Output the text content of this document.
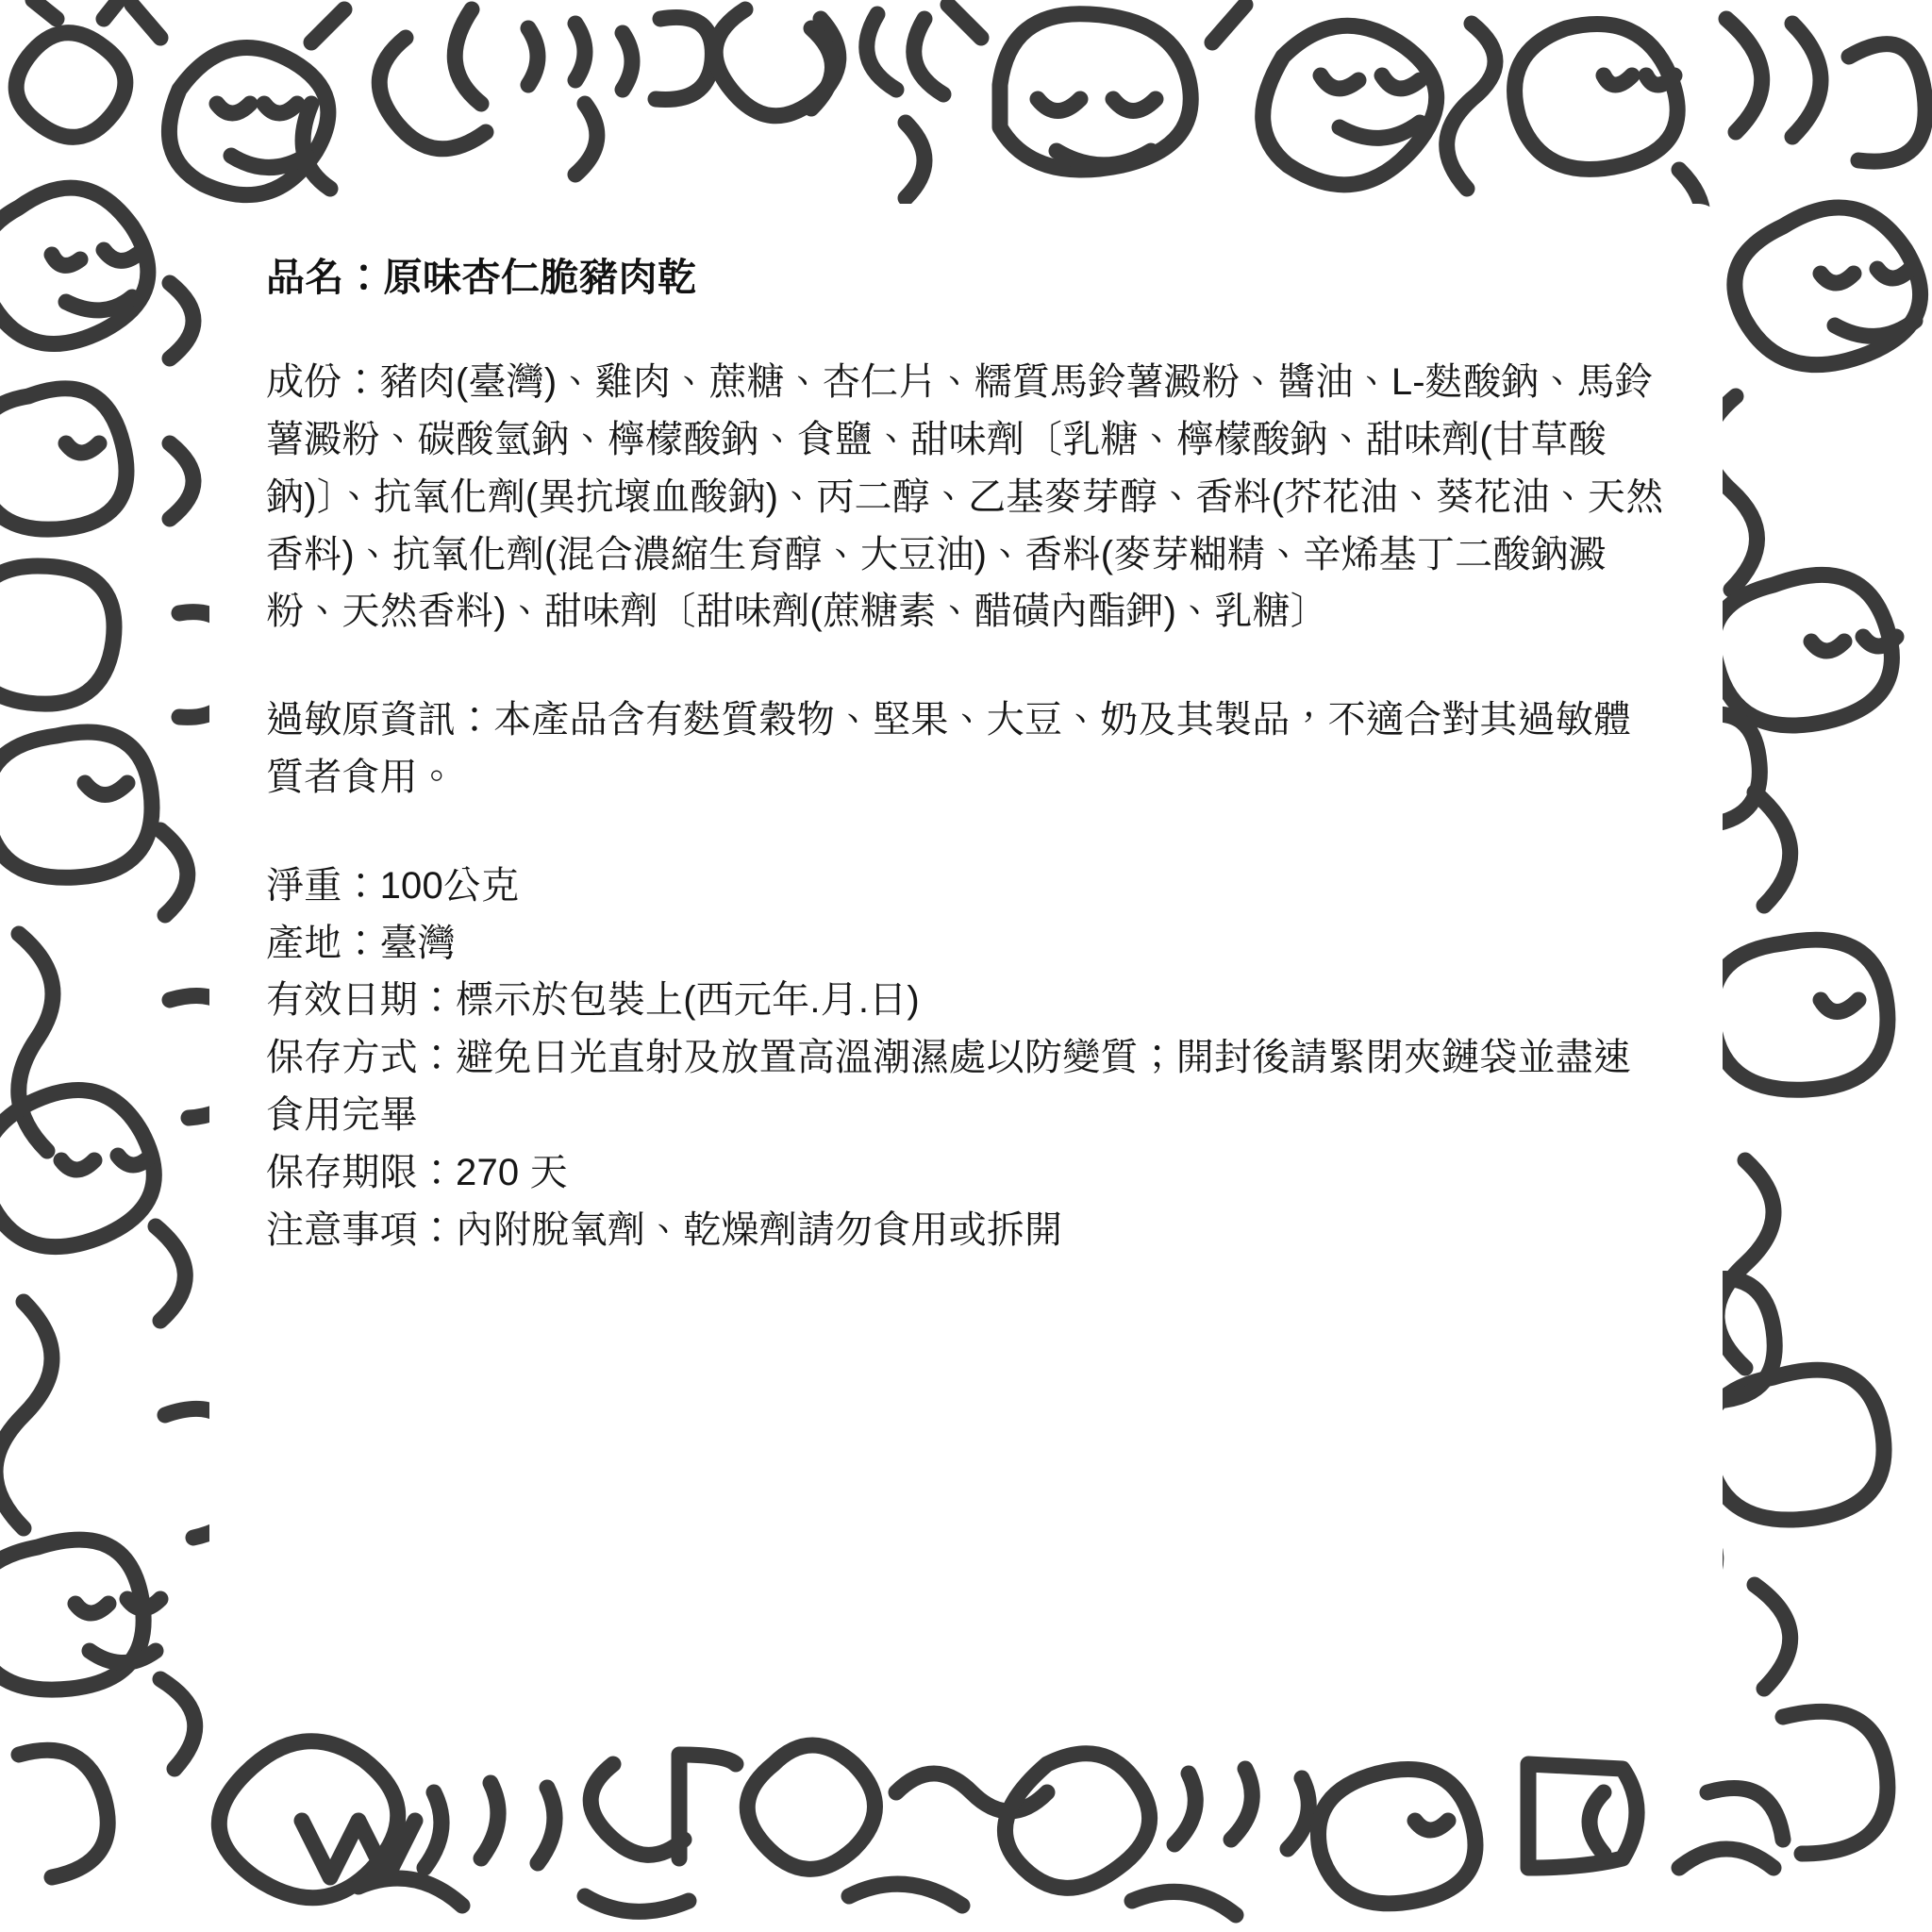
品名：原味杏仁脆豬肉乾

成份：豬肉(臺灣)、雞肉、蔗糖、杏仁片、糯質馬鈴薯澱粉、醬油、L-麩酸鈉、馬鈴薯澱粉、碳酸氫鈉、檸檬酸鈉、食鹽、甜味劑〔乳糖、檸檬酸鈉、甜味劑(甘草酸鈉)〕、抗氧化劑(異抗壞血酸鈉)、丙二醇、乙基麥芽醇、香料(芥花油、葵花油、天然香料)、抗氧化劑(混合濃縮生育醇、大豆油)、香料(麥芽糊精、辛烯基丁二酸鈉澱粉、天然香料)、甜味劑〔甜味劑(蔗糖素、醋磺內酯鉀)、乳糖〕

過敏原資訊：本產品含有麩質穀物、堅果、大豆、奶及其製品，不適合對其過敏體質者食用。

淨重：100公克
產地：臺灣
有效日期：標示於包裝上(西元年.月.日)
保存方式：避免日光直射及放置高溫潮濕處以防變質；開封後請緊閉夾鏈袋並盡速食用完畢
保存期限：270 天
注意事項：內附脫氧劑、乾燥劑請勿食用或拆開
